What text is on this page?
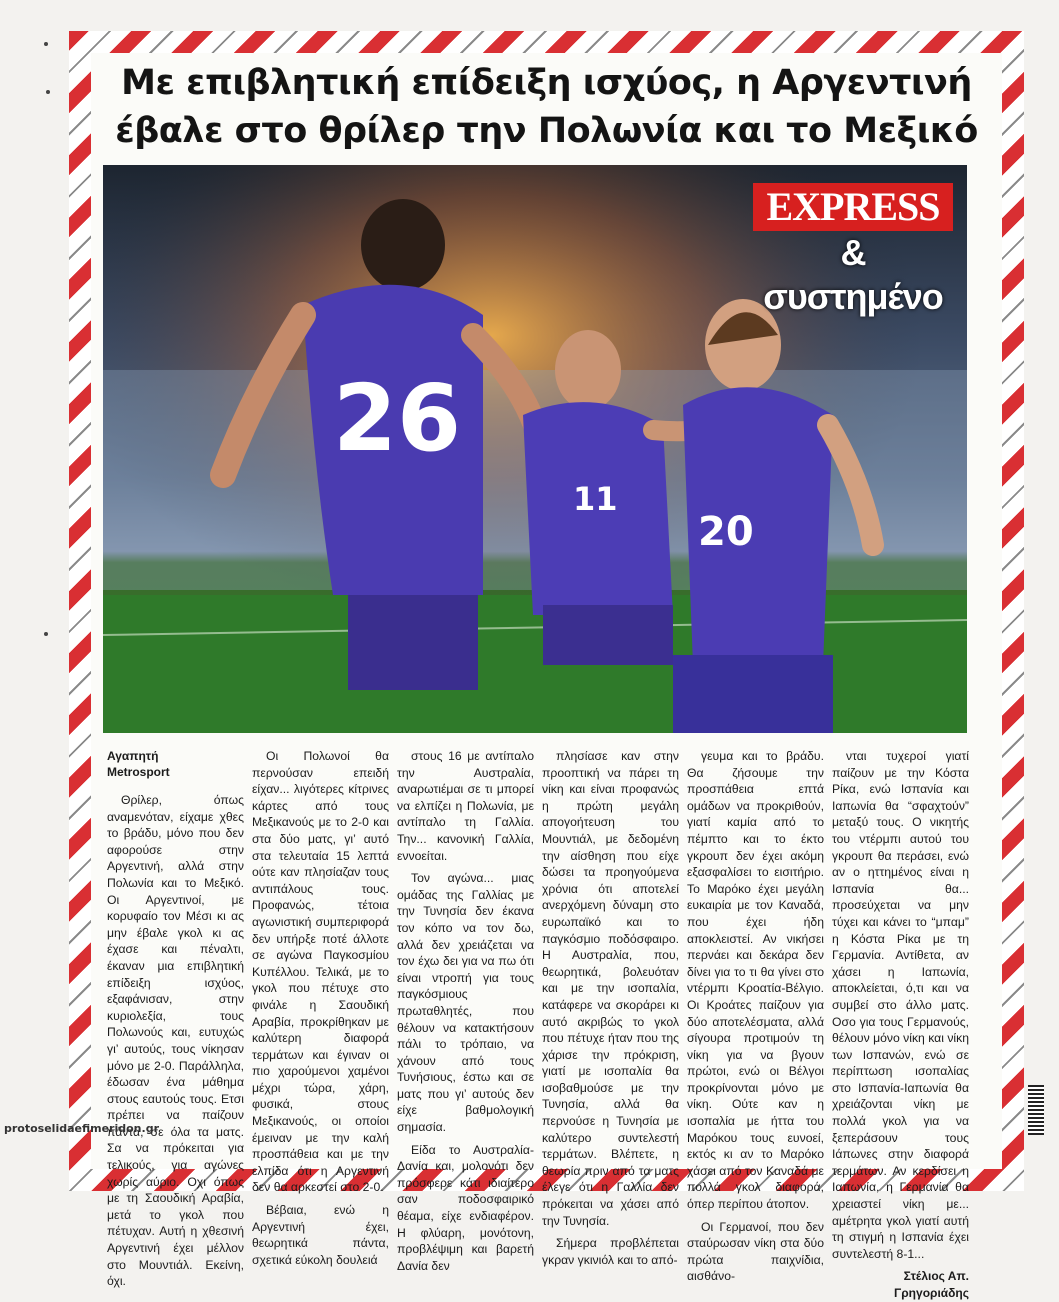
Με επιβλητική επίδειξη ισχύος, η Αργεντινή
έβαλε στο θρίλερ την Πολωνία και το Μεξικό
26
11
20
EXPRESS
& συστημένο
Αγαπητή
Metrosport

Θρίλερ, όπως αναμενόταν, είχαμε χθες το βράδυ, μόνο που δεν αφορούσε στην Αργεντινή, αλλά στην Πολωνία και το Μεξικό. Οι Αργεντινοί, με κορυφαίο τον Μέσι κι ας μην έβαλε γκολ κι ας έχασε και πέναλτι, έκαναν μια επιβλητική επίδειξη ισχύος, εξαφάνισαν, στην κυριολεξία, τους Πολωνούς και, ευτυχώς γι’ αυτούς, τους νίκησαν μόνο με 2-0. Παράλληλα, έδωσαν ένα μάθημα στους εαυτούς τους. Ετσι πρέπει να παίζουν πάντα, σε όλα τα ματς. Σα να πρόκειται για τελικούς, για αγώνες χωρίς αύριο. Οχι όπως με τη Σαουδική Αραβία, μετά το γκολ που πέτυχαν. Αυτή η χθεσινή Αργεντινή έχει μέλλον στο Μουντιάλ. Εκείνη, όχι.

Οι Πολωνοί θα περνούσαν επειδή είχαν... λιγότερες κίτρινες κάρτες από τους Μεξικανούς με το 2-0 και στα δύο ματς, γι’ αυτό στα τελευταία 15 λεπτά ούτε καν πλησίαζαν τους αντιπάλους τους. Προφανώς, τέτοια αγωνιστική συμπεριφορά δεν υπήρξε ποτέ άλλοτε σε αγώνα Παγκοσμίου Κυπέλλου. Τελικά, με το γκολ που πέτυχε στο φινάλε η Σαουδική Αραβία, προκρίθηκαν με καλύτερη διαφορά τερμάτων και έγιναν οι πιο χαρούμενοι χαμένοι μέχρι τώρα, χάρη, φυσικά, στους Μεξικανούς, οι οποίοι έμειναν με την καλή προσπάθεια και με την ελπίδα ότι η Αργεντινή δεν θα αρκεστεί στο 2-0.

Βέβαια, ενώ η Αργεντινή έχει, θεωρητικά πάντα, σχετικά εύκολη δουλειά

στους 16 με αντίπαλο την Αυστραλία, αναρωτιέμαι σε τι μπορεί να ελπίζει η Πολωνία, με αντίπαλο τη Γαλλία. Την... κανονική Γαλλία, εννοείται.

Τον αγώνα... μιας ομάδας της Γαλλίας με την Τυνησία δεν έκανα τον κόπο να τον δω, αλλά δεν χρειάζεται να τον έχω δει για να πω ότι είναι ντροπή για τους παγκόσμιους πρωταθλητές, που θέλουν να κατακτήσουν πάλι το τρόπαιο, να χάνουν από τους Τυνήσιους, έστω και σε ματς που γι’ αυτούς δεν είχε βαθμολογική σημασία.

Είδα το Αυστραλία-Δανία και, μολονότι δεν πρόσφερε κάτι ιδιαίτερο σαν ποδοσφαιρικό θέαμα, είχε ενδιαφέρον. Η φλύαρη, μονότονη, προβλέψιμη και βαρετή Δανία δεν

πλησίασε καν στην προοπτική να πάρει τη νίκη και είναι προφανώς η πρώτη μεγάλη απογοήτευση του Μουντιάλ, με δεδομένη την αίσθηση που είχε δώσει τα προηγούμενα χρόνια ότι αποτελεί ανερχόμενη δύναμη στο ευρωπαϊκό και το παγκόσμιο ποδόσφαιρο. Η Αυστραλία, που, θεωρητικά, βολευόταν και με την ισοπαλία, κατάφερε να σκοράρει κι αυτό ακριβώς το γκολ που πέτυχε ήταν που της χάρισε την πρόκριση, γιατί με ισοπαλία θα ισοβαθμούσε με την Τυνησία, αλλά θα περνούσε η Τυνησία με καλύτερο συντελεστή τερμάτων. Βλέπετε, η θεωρία πριν από τα ματς έλεγε ότι η Γαλλία δεν πρόκειται να χάσει από την Τυνησία.

Σήμερα προβλέπεται γκραν γκινιόλ και το από-

γευμα και το βράδυ. Θα ζήσουμε την προσπάθεια επτά ομάδων να προκριθούν, γιατί καμία από το πέμπτο και το έκτο γκρουπ δεν έχει ακόμη εξασφαλίσει το εισιτήριο. Το Μαρόκο έχει μεγάλη ευκαιρία με τον Καναδά, που έχει ήδη αποκλειστεί. Αν νικήσει περνάει και δεκάρα δεν δίνει για το τι θα γίνει στο ντέρμπι Κροατία-Βέλγιο. Οι Κροάτες παίζουν για δύο αποτελέσματα, αλλά σίγουρα προτιμούν τη νίκη για να βγουν πρώτοι, ενώ οι Βέλγοι προκρίνονται μόνο με νίκη. Ούτε καν η ισοπαλία με ήττα του Μαρόκου τους ευνοεί, εκτός κι αν το Μαρόκο χάσει από τον Καναδά με πολλά γκολ διαφορά, όπερ περίπου άτοπον.

Οι Γερμανοί, που δεν σταύρωσαν νίκη στα δύο πρώτα παιχνίδια, αισθάνο-

νται τυχεροί γιατί παίζουν με την Κόστα Ρίκα, ενώ Ισπανία και Ιαπωνία θα “σφαχτούν” μεταξύ τους. Ο νικητής του ντέρμπι αυτού του γκρουπ θα περάσει, ενώ αν ο ηττημένος είναι η Ισπανία θα... προσεύχεται να μην τύχει και κάνει το “μπαμ” η Κόστα Ρίκα με τη Γερμανία. Αντίθετα, αν χάσει η Ιαπωνία, αποκλείεται, ό,τι και να συμβεί στο άλλο ματς. Οσο για τους Γερμανούς, θέλουν μόνο νίκη και νίκη των Ισπανών, ενώ σε περίπτωση ισοπαλίας στο Ισπανία-Ιαπωνία θα χρειάζονται νίκη με πολλά γκολ για να ξεπεράσουν τους Ιάπωνες στην διαφορά τερμάτων. Αν κερδίσει η Ιαπωνία, η Γερμανία θα χρειαστεί νίκη με... αμέτρητα γκολ γιατί αυτή τη στιγμή η Ισπανία έχει συντελεστή 8-1...

Στέλιος Απ. Γρηγοριάδης
protoselidaefimeridon.gr
